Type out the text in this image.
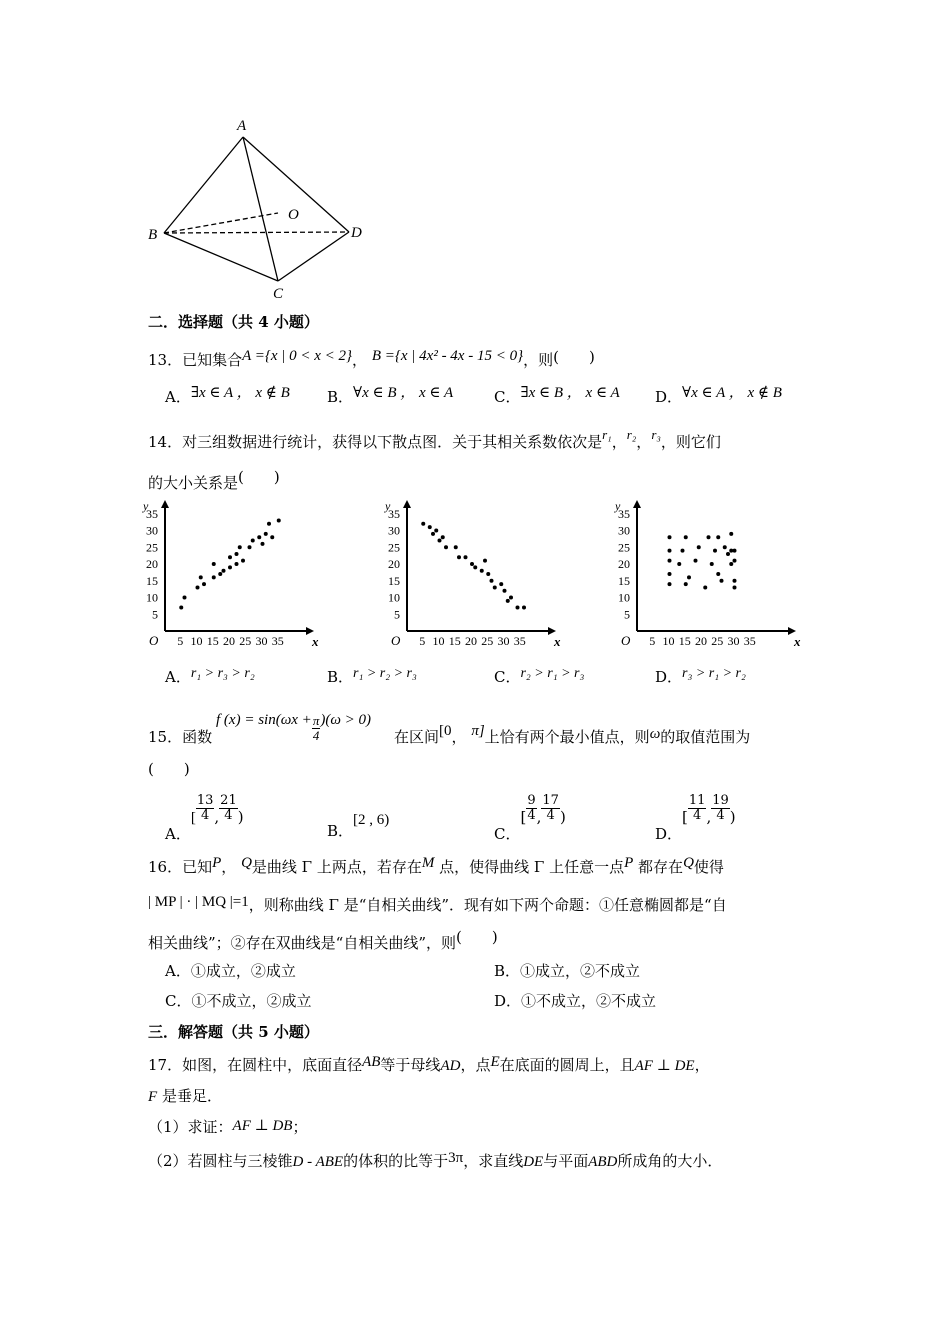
A
B
C
D
O
二．选择题（共 4 小题）
13．已知集合A ={x | 0 < x < 2}， B ={x | 4x² - 4x - 15 < 0}，则(　　)
A．∃x ∈ A ， x ∉ B B．∀x ∈ B ， x ∈ A	C．∃x ∈ B ， x ∈ A D．∀x ∈ A ， x ∉ B
14．对三组数据进行统计，获得以下散点图．关于其相关系数依次是r₁，r₂，r₃，则它们
的大小关系是(　　)
y
x
O 5 10 15 20 25 30 35
5
10
15
20
25
30
35
y
x
O 5 10 15 20 25 30 35
5
10
15
20
25
30
35
y
x
O 5 10 15 20 25 30 35
5
10
15
20
25
30
35
A．r₁ > r₃ > r₂	B．r₁ > r₂ > r₃	C．r₂ > r₁ > r₃	D．r₃ > r₁ > r₂
15．函数
f $(x) = \sin(\omega x + \frac{\pi}{4} )(\omega > 0)$
在区间[0， π]上恰有两个最小值点，则ω的取值范围为
(　　)
A．[ $\frac{13}{4}$ , $\frac{21}{4}$ )
B．[2 , 6)
C．[ $\frac{9}{4}$ , $\frac{17}{4}$ )
D．[ $\frac{11}{4}$ , $\frac{19}{4}$ )
16．已知P， Q是曲线 Γ 上两点，若存在M 点，使得曲线 Γ 上任意一点P 都存在Q使得
| MP | · | MQ |=1，则称曲线 Γ 是“自相关曲线”．现有如下两个命题：①任意椭圆都是“自
相关曲线”；②存在双曲线是“自相关曲线”，则(　　)
A．①成立，②成立	B．①成立，②不成立
C．①不成立，②成立	D．①不成立，②不成立
三．解答题（共 5 小题）
17．如图，在圆柱中，底面直径AB等于母线AD，点E在底面的圆周上，且AF ⊥ DE，
F 是垂足．
（1）求证：AF ⊥ DB；
（2）若圆柱与三棱锥D - ABE的体积的比等于3π，求直线DE与平面ABD所成角的大小．
